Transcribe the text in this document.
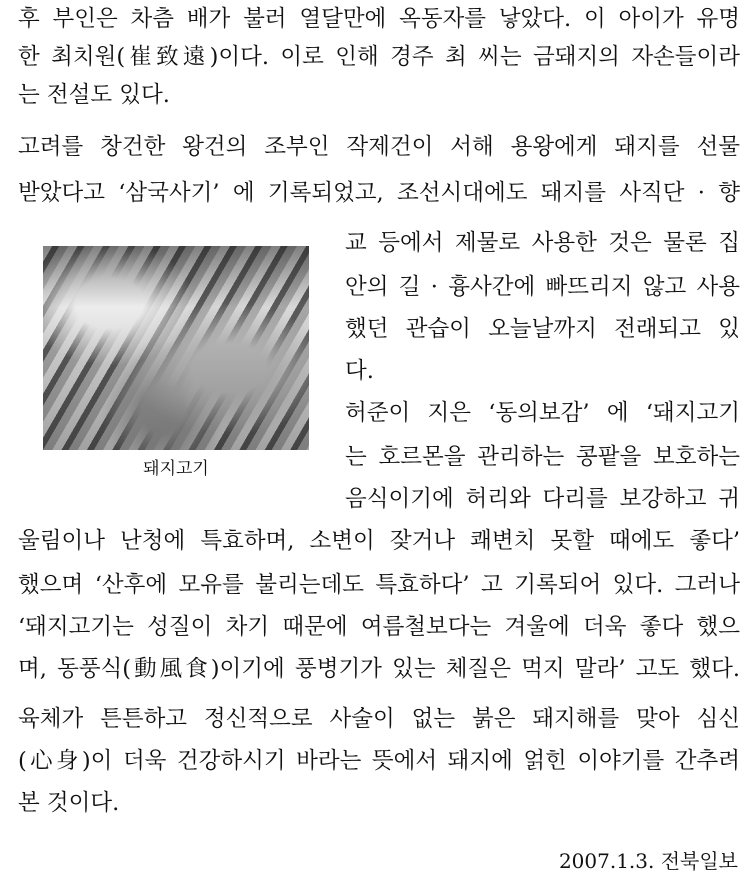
후 부인은 차츰 배가 불러 열달만에 옥동자를 낳았다. 이 아이가 유명
한 최치원(崔致遠)이다. 이로 인해 경주 최 씨는 금돼지의 자손들이라
는 전설도 있다.
고려를 창건한 왕건의 조부인 작제건이 서해 용왕에게 돼지를 선물
받았다고 ‘삼국사기’ 에 기록되었고, 조선시대에도 돼지를 사직단 · 향
돼지고기
교 등에서 제물로 사용한 것은 물론 집
안의 길 · 흉사간에 빠뜨리지 않고 사용
했던 관습이 오늘날까지 전래되고 있
다.
허준이 지은 ‘동의보감’ 에 ‘돼지고기
는 호르몬을 관리하는 콩팥을 보호하는
음식이기에 허리와 다리를 보강하고 귀
울림이나 난청에 특효하며, 소변이 잦거나 쾌변치 못할 때에도 좋다’
했으며 ‘산후에 모유를 불리는데도 특효하다’ 고 기록되어 있다. 그러나
‘돼지고기는 성질이 차기 때문에 여름철보다는 겨울에 더욱 좋다 했으
며, 동풍식(動風食)이기에 풍병기가 있는 체질은 먹지 말라’ 고도 했다.
육체가 튼튼하고 정신적으로 사술이 없는 붉은 돼지해를 맞아 심신
(心身)이 더욱 건강하시기 바라는 뜻에서 돼지에 얽힌 이야기를 간추려
본 것이다.
2007.1.3. 전북일보
